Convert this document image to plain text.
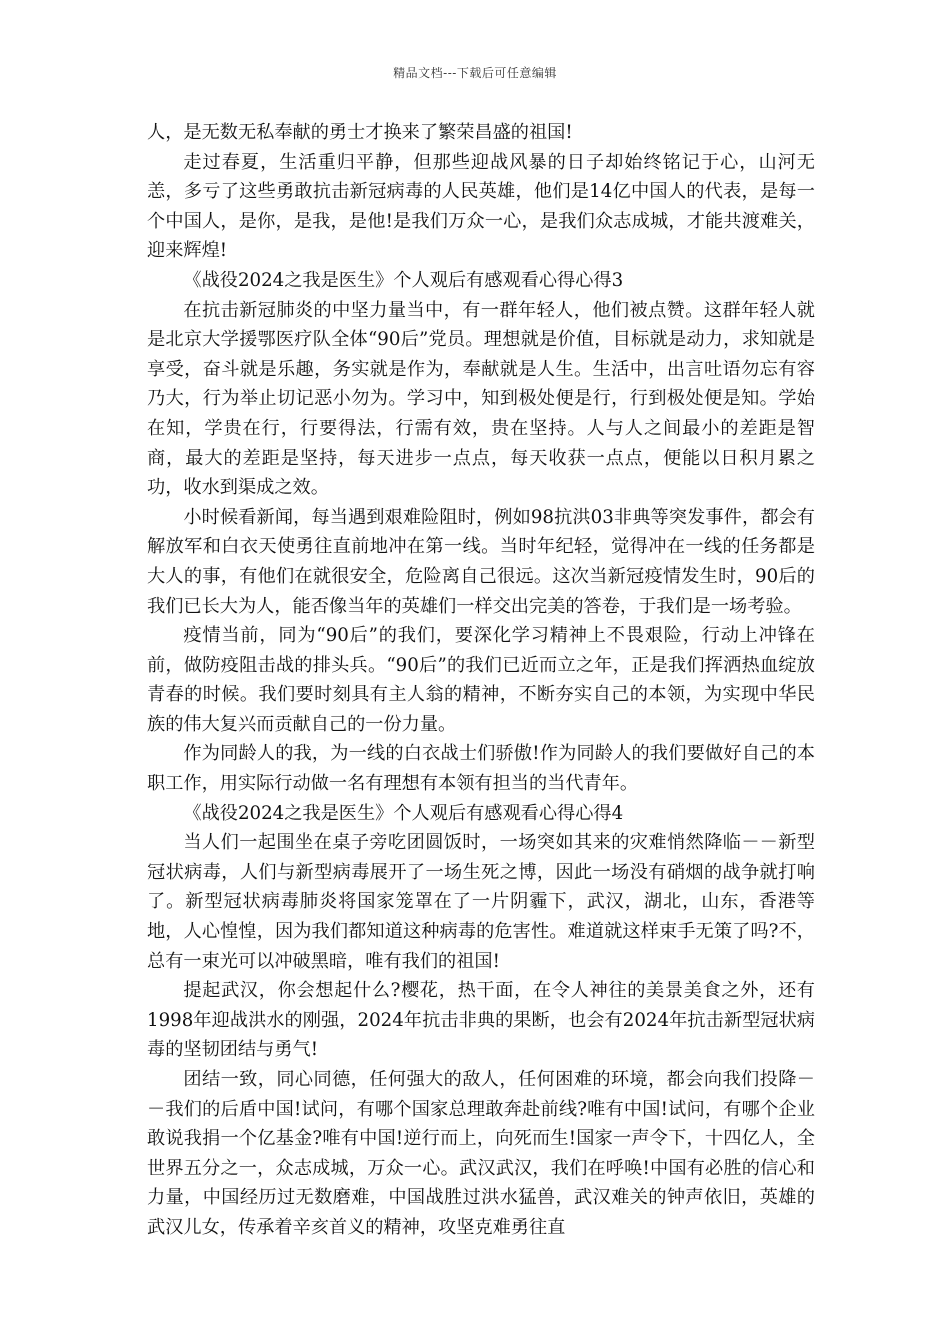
精品文档---下载后可任意编辑

人，是无数无私奉献的勇士才换来了繁荣昌盛的祖国!

走过春夏，生活重归平静，但那些迎战风暴的日子却始终铭记于心，山河无恙，多亏了这些勇敢抗击新冠病毒的人民英雄，他们是14亿中国人的代表，是每一个中国人，是你，是我，是他!是我们万众一心，是我们众志成城，才能共渡难关，迎来辉煌!

《战役2024之我是医生》个人观后有感观看心得心得3

在抗击新冠肺炎的中坚力量当中，有一群年轻人，他们被点赞。这群年轻人就是北京大学援鄂医疗队全体“90后”党员。理想就是价值，目标就是动力，求知就是享受，奋斗就是乐趣，务实就是作为，奉献就是人生。生活中，出言吐语勿忘有容乃大，行为举止切记恶小勿为。学习中，知到极处便是行，行到极处便是知。学始在知，学贵在行，行要得法，行需有效，贵在坚持。人与人之间最小的差距是智商，最大的差距是坚持，每天进步一点点，每天收获一点点，便能以日积月累之功，收水到渠成之效。

小时候看新闻，每当遇到艰难险阻时，例如98抗洪03非典等突发事件，都会有解放军和白衣天使勇往直前地冲在第一线。当时年纪轻，觉得冲在一线的任务都是大人的事，有他们在就很安全，危险离自己很远。这次当新冠疫情发生时，90后的我们已长大为人，能否像当年的英雄们一样交出完美的答卷，于我们是一场考验。

疫情当前，同为“90后”的我们，要深化学习精神上不畏艰险，行动上冲锋在前，做防疫阻击战的排头兵。“90后”的我们已近而立之年，正是我们挥洒热血绽放青春的时候。我们要时刻具有主人翁的精神，不断夯实自己的本领，为实现中华民族的伟大复兴而贡献自己的一份力量。

作为同龄人的我，为一线的白衣战士们骄傲!作为同龄人的我们要做好自己的本职工作，用实际行动做一名有理想有本领有担当的当代青年。

《战役2024之我是医生》个人观后有感观看心得心得4

当人们一起围坐在桌子旁吃团圆饭时，一场突如其来的灾难悄然降临－－新型冠状病毒，人们与新型病毒展开了一场生死之博，因此一场没有硝烟的战争就打响了。新型冠状病毒肺炎将国家笼罩在了一片阴霾下，武汉，湖北，山东，香港等地，人心惶惶，因为我们都知道这种病毒的危害性。难道就这样束手无策了吗?不，总有一束光可以冲破黑暗，唯有我们的祖国!

提起武汉，你会想起什么?樱花，热干面，在令人神往的美景美食之外，还有1998年迎战洪水的刚强，2024年抗击非典的果断，也会有2024年抗击新型冠状病毒的坚韧团结与勇气!

团结一致，同心同德，任何强大的敌人，任何困难的环境，都会向我们投降－－我们的后盾中国!试问，有哪个国家总理敢奔赴前线?唯有中国!试问，有哪个企业敢说我捐一个亿基金?唯有中国!逆行而上，向死而生!国家一声令下，十四亿人，全世界五分之一，众志成城，万众一心。武汉武汉，我们在呼唤!中国有必胜的信心和力量，中国经历过无数磨难，中国战胜过洪水猛兽，武汉难关的钟声依旧，英雄的武汉儿女，传承着辛亥首义的精神，攻坚克难勇往直
